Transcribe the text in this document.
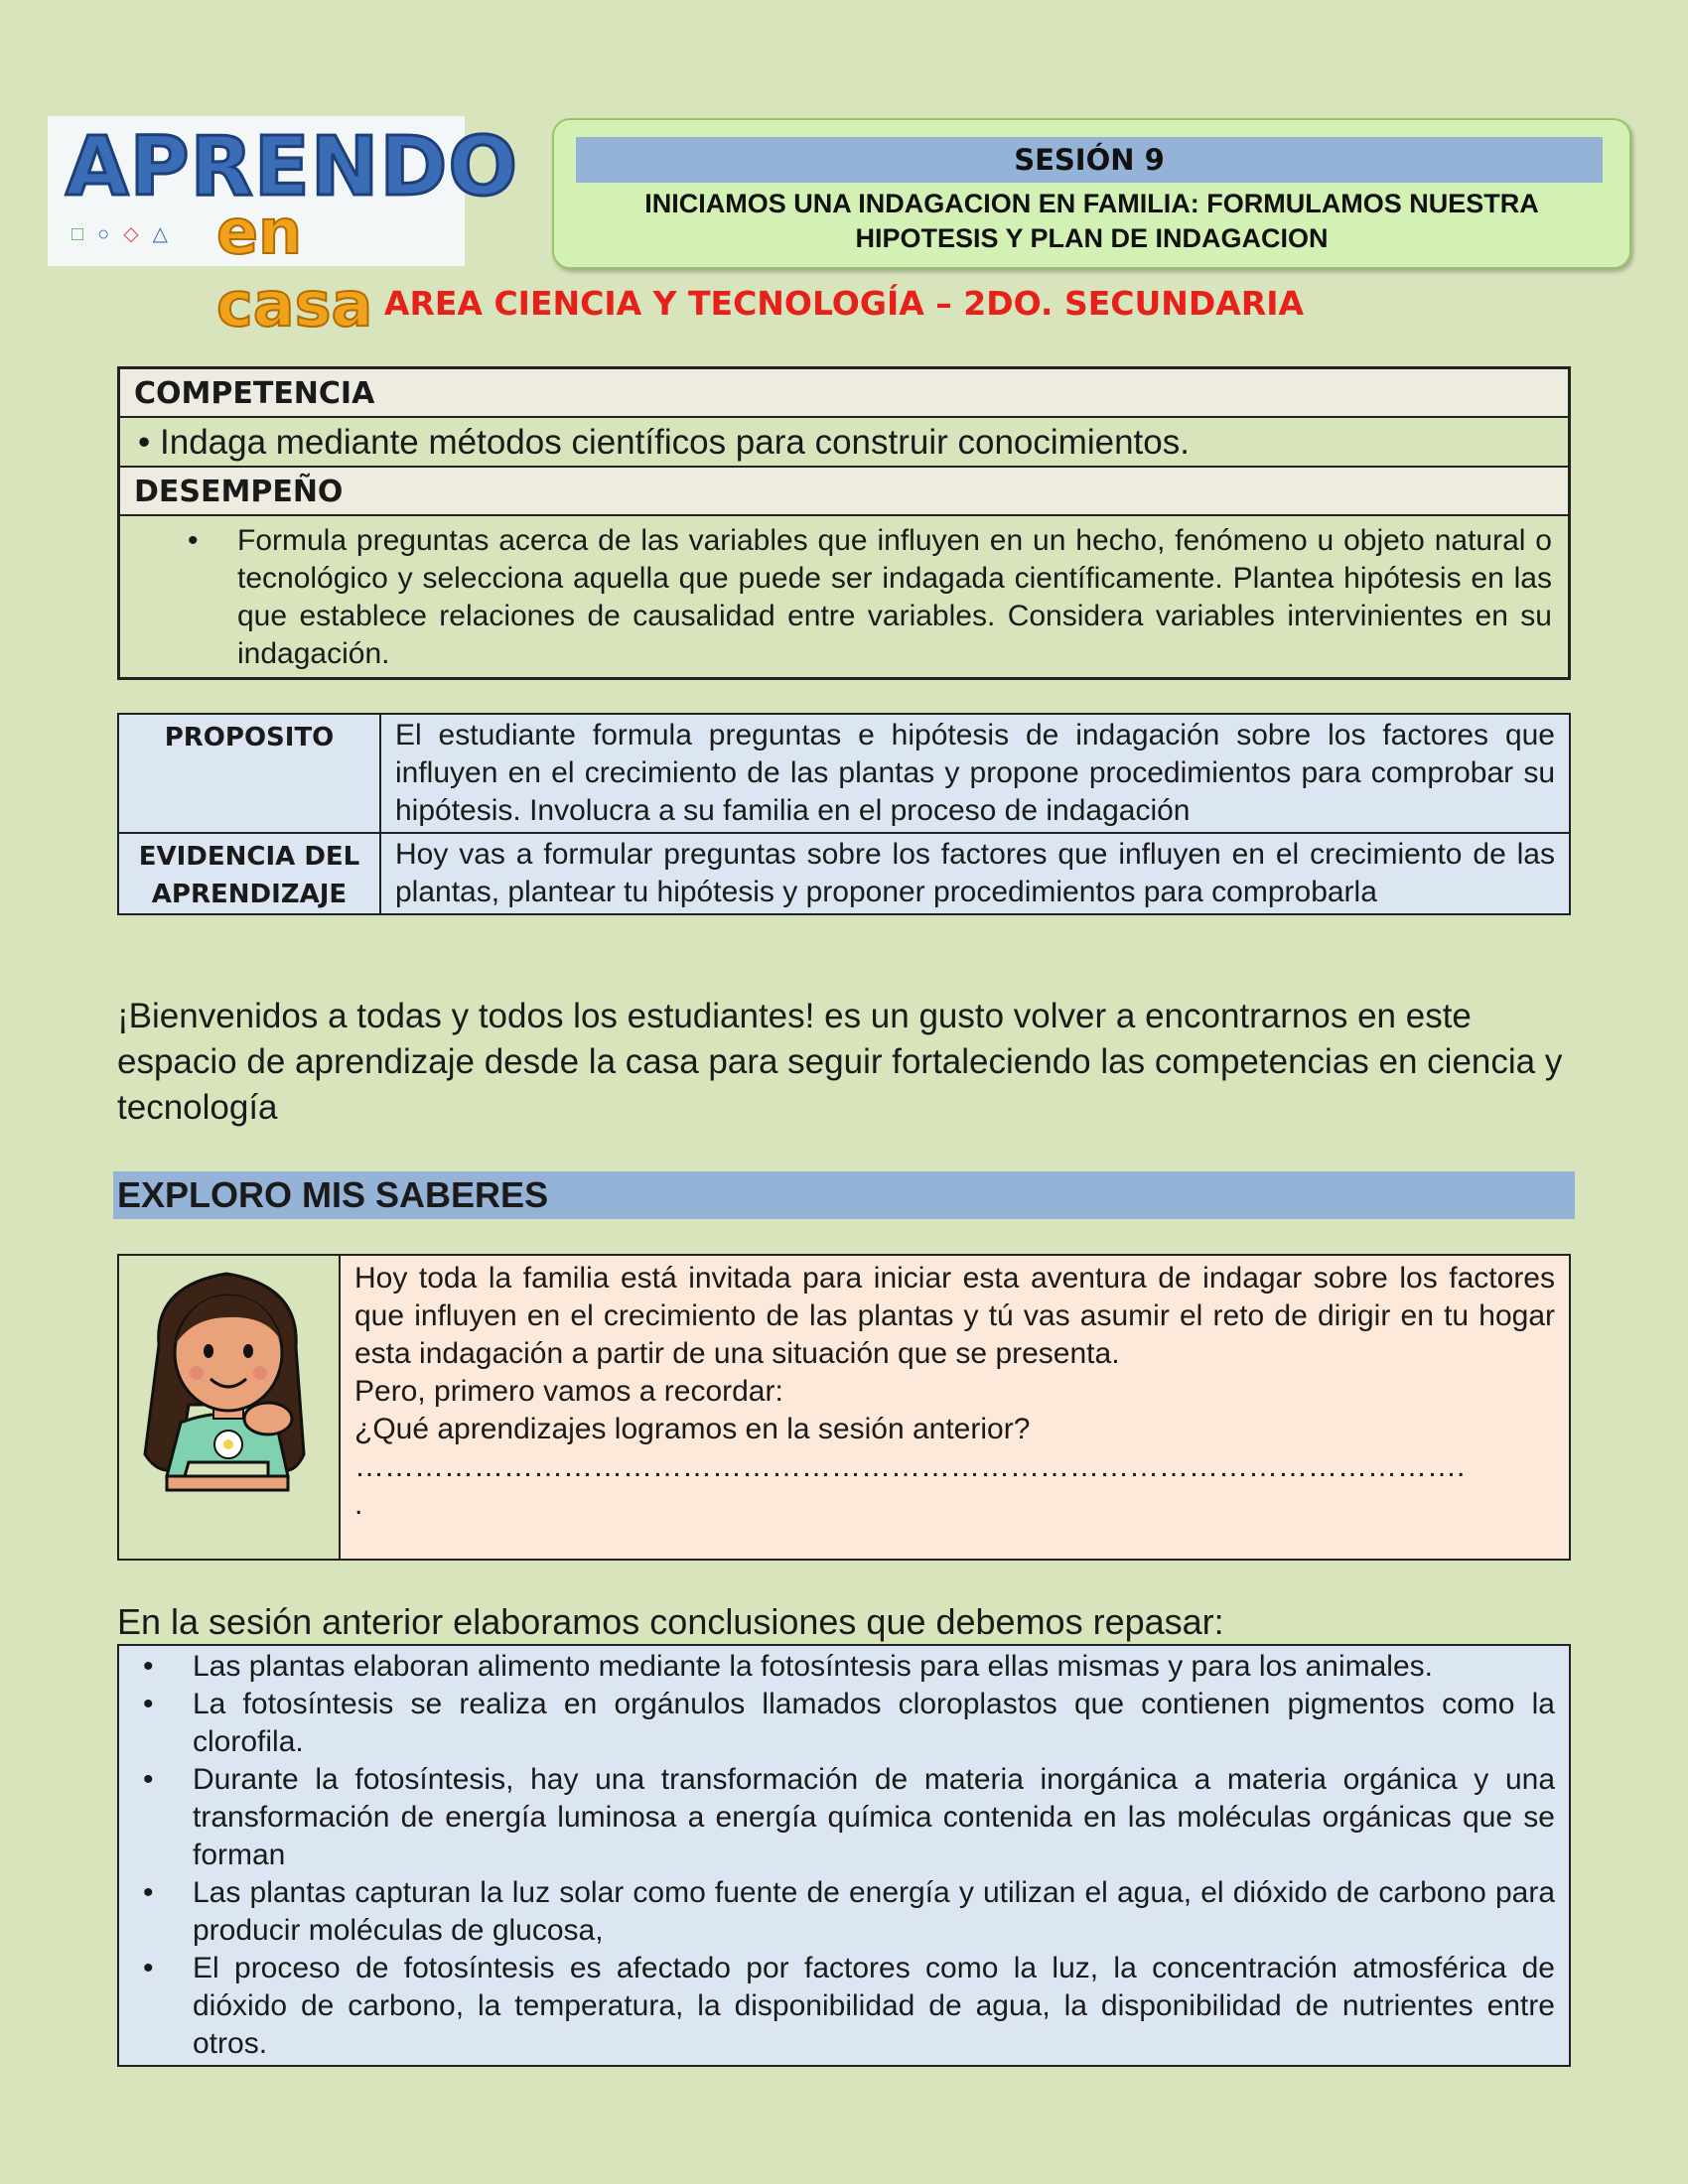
APRENDO
□○◇△ en casa
SESIÓN 9
INICIAMOS UNA INDAGACION EN FAMILIA: FORMULAMOS NUESTRA
HIPOTESIS Y PLAN DE INDAGACION
AREA CIENCIA Y TECNOLOGÍA – 2DO. SECUNDARIA
COMPETENCIA
• Indaga mediante métodos científicos para construir conocimientos.
DESEMPEÑO
• Formula preguntas acerca de las variables que influyen en un hecho, fenómeno u objeto natural o tecnológico y selecciona aquella que puede ser indagada científicamente. Plantea hipótesis en las que establece relaciones de causalidad entre variables. Considera variables intervinientes en su indagación.
PROPOSITO	El estudiante formula preguntas e hipótesis de indagación sobre los factores que influyen en el crecimiento de las plantas y propone procedimientos para comprobar su hipótesis. Involucra a su familia en el proceso de indagación
EVIDENCIA DEL
APRENDIZAJE
Hoy vas a formular preguntas sobre los factores que influyen en el crecimiento de las plantas, plantear tu hipótesis y proponer procedimientos para comprobarla
¡Bienvenidos a todas y todos los estudiantes! es un gusto volver a encontrarnos en este espacio de aprendizaje desde la casa para seguir fortaleciendo las competencias en ciencia y tecnología
EXPLORO MIS SABERES
Hoy toda la familia está invitada para iniciar esta aventura de indagar sobre los factores que influyen en el crecimiento de las plantas y tú vas asumir el reto de dirigir en tu hogar esta indagación a partir de una situación que se presenta.
Pero, primero vamos a recordar:
¿Qué aprendizajes logramos en la sesión anterior?
………………………………………………………………………………………………….
.
En la sesión anterior elaboramos conclusiones que debemos repasar:
• Las plantas elaboran alimento mediante la fotosíntesis para ellas mismas y para los animales.
• La fotosíntesis se realiza en orgánulos llamados cloroplastos que contienen pigmentos como la clorofila.
• Durante la fotosíntesis, hay una transformación de materia inorgánica a materia orgánica y una transformación de energía luminosa a energía química contenida en las moléculas orgánicas que se forman
• Las plantas capturan la luz solar como fuente de energía y utilizan el agua, el dióxido de carbono para producir moléculas de glucosa,
• El proceso de fotosíntesis es afectado por factores como la luz, la concentración atmosférica de dióxido de carbono, la temperatura, la disponibilidad de agua, la disponibilidad de nutrientes entre otros.
